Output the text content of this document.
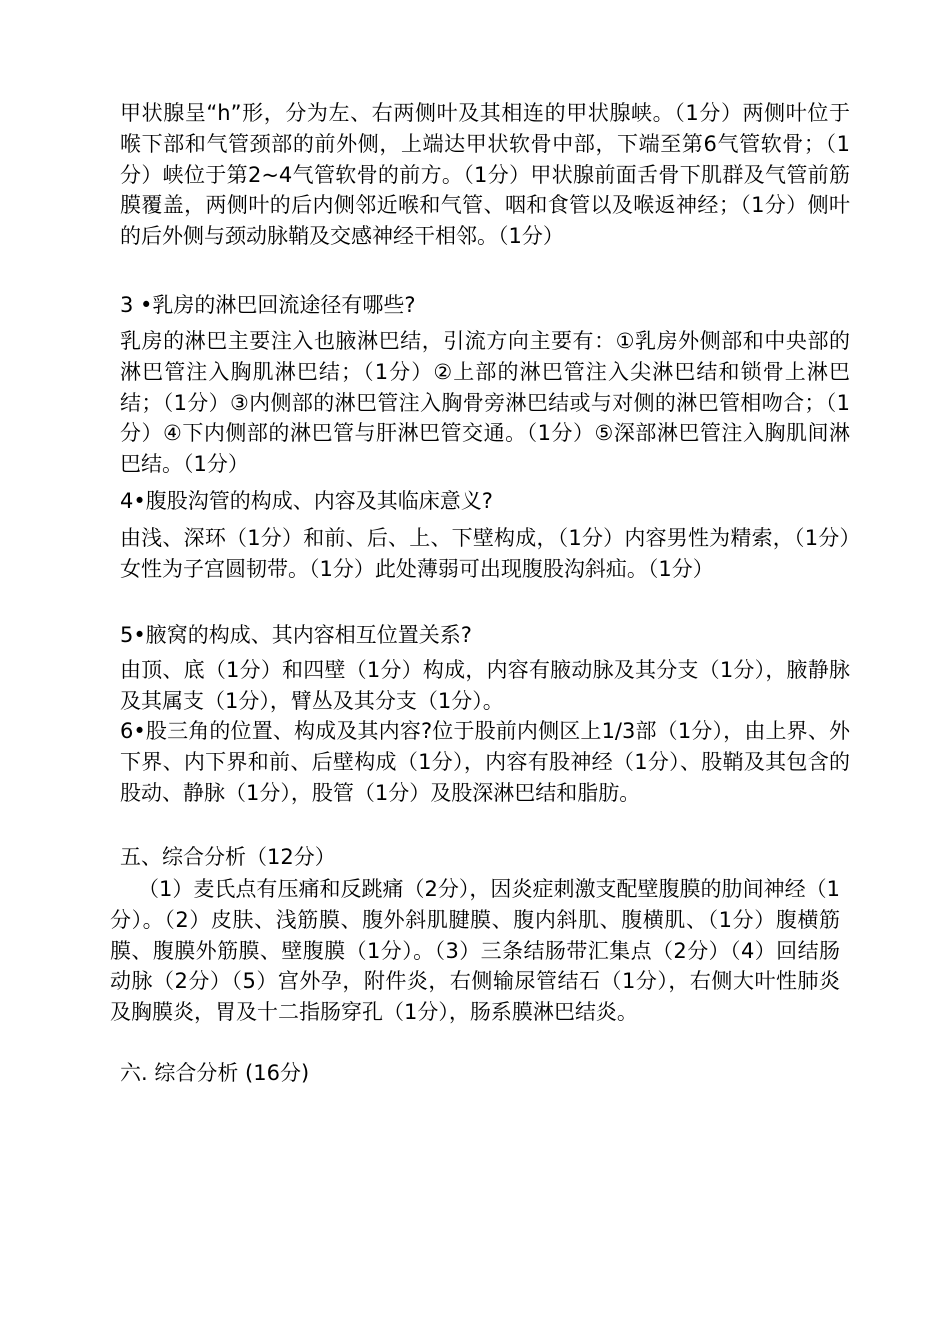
甲状腺呈“h”形，分为左、右两侧叶及其相连的甲状腺峡。（1分）两侧叶位于喉下部和气管颈部的前外侧，上端达甲状软骨中部，下端至第6气管软骨；（1分）峡位于第2~4气管软骨的前方。（1分）甲状腺前面舌骨下肌群及气管前筋膜覆盖，两侧叶的后内侧邻近喉和气管、咽和食管以及喉返神经；（1分）侧叶的后外侧与颈动脉鞘及交感神经干相邻。（1分）

3 •乳房的淋巴回流途径有哪些?

乳房的淋巴主要注入也腋淋巴结，引流方向主要有：①乳房外侧部和中央部的淋巴管注入胸肌淋巴结；（1分）②上部的淋巴管注入尖淋巴结和锁骨上淋巴结；（1分）③内侧部的淋巴管注入胸骨旁淋巴结或与对侧的淋巴管相吻合；（1分）④下内侧部的淋巴管与肝淋巴管交通。（1分）⑤深部淋巴管注入胸肌间淋巴结。（1分）

4•腹股沟管的构成、内容及其临床意义?

由浅、深环（1分）和前、后、上、下壁构成，（1分）内容男性为精索，（1分）女性为子宫圆韧带。（1分）此处薄弱可出现腹股沟斜疝。（1分）

5•腋窝的构成、其内容相互位置关系?

由顶、底（1分）和四壁（1分）构成，内容有腋动脉及其分支（1分），腋静脉及其属支（1分），臂丛及其分支（1分）。

6•股三角的位置、构成及其内容?位于股前内侧区上1/3部（1分），由上界、外下界、内下界和前、后壁构成（1分），内容有股神经（1分）、股鞘及其包含的股动、静脉（1分），股管（1分）及股深淋巴结和脂肪。

五、综合分析（12分）

（1）麦氏点有压痛和反跳痛（2分），因炎症刺激支配壁腹膜的肋间神经（1分）。（2）皮肤、浅筋膜、腹外斜肌腱膜、腹内斜肌、腹横肌、（1分）腹横筋膜、腹膜外筋膜、壁腹膜（1分）。（3）三条结肠带汇集点（2分）（4）回结肠动脉（2分）（5）宫外孕，附件炎，右侧输尿管结石（1分），右侧大叶性肺炎及胸膜炎，胃及十二指肠穿孔（1分），肠系膜淋巴结炎。

六. 综合分析 (16分)
